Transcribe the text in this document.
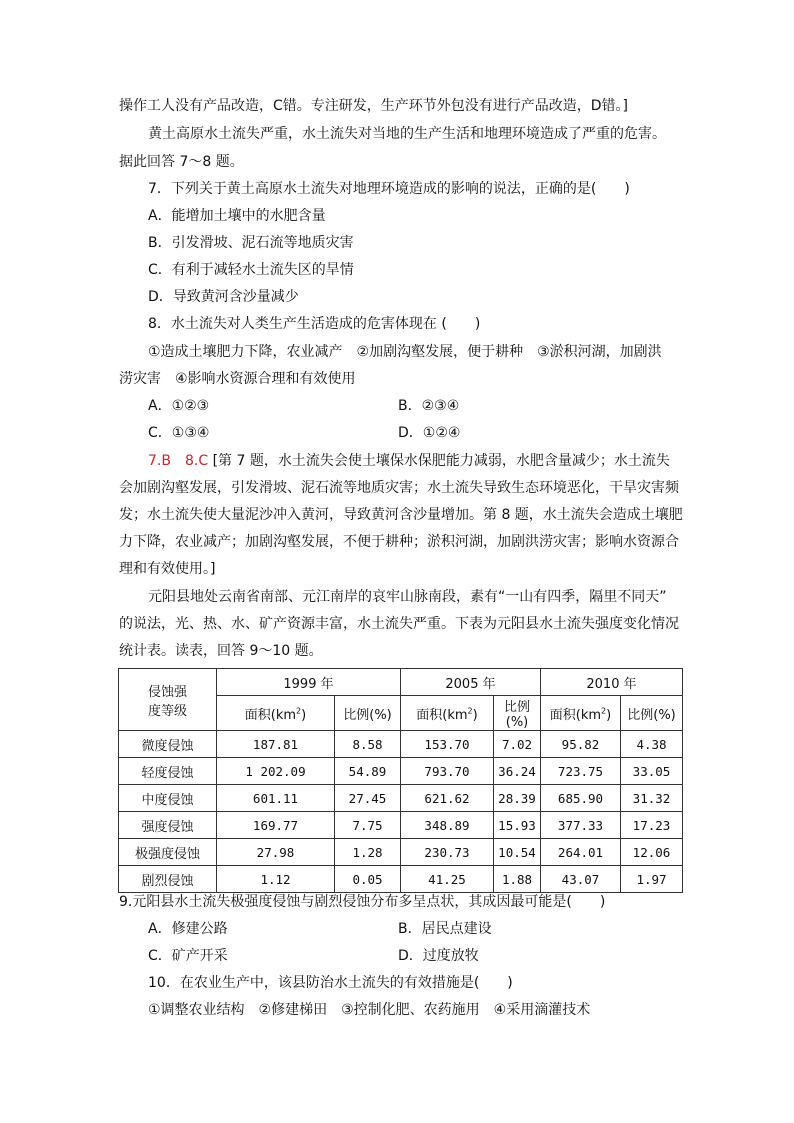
操作工人没有产品改造，C错。专注研发，生产环节外包没有进行产品改造，D错。]
黄土高原水土流失严重，水土流失对当地的生产生活和地理环境造成了严重的危害。
据此回答 7～8 题。
7．下列关于黄土高原水土流失对地理环境造成的影响的说法，正确的是(　　)
A．能增加土壤中的水肥含量
B．引发滑坡、泥石流等地质灾害
C．有利于减轻水土流失区的旱情
D．导致黄河含沙量减少
8．水土流失对人类生产生活造成的危害体现在 (　　)
①造成土壤肥力下降，农业减产　②加剧沟壑发展，便于耕种　③淤积河湖，加剧洪
涝灾害　④影响水资源合理和有效使用
A．①②③	B．②③④
C．①③④	D．①②④
7.B　8.C [第 7 题，水土流失会使土壤保水保肥能力减弱，水肥含量减少；水土流失
会加剧沟壑发展，引发滑坡、泥石流等地质灾害；水土流失导致生态环境恶化，干旱灾害频
发；水土流失使大量泥沙冲入黄河，导致黄河含沙量增加。第 8 题，水土流失会造成土壤肥
力下降，农业减产；加剧沟壑发展，不便于耕种；淤积河湖，加剧洪涝灾害；影响水资源合
理和有效使用。]
元阳县地处云南省南部、元江南岸的哀牢山脉南段，素有“一山有四季，隔里不同天”
的说法，光、热、水、矿产资源丰富，水土流失严重。下表为元阳县水土流失强度变化情况
统计表。读表，回答 9～10 题。
侵蚀强
度等级	1999 年		2005 年		2010 年	
	面积$(km^2)$	比例(%)	面积$(km^2)$	比例(%)	面积$(km^2)$	比例(%)
微度侵蚀	187.81	8.58	153.70	7.02	95.82	4.38
轻度侵蚀	1 202.09	54.89	793.70	36.24	723.75	33.05
中度侵蚀	601.11	27.45	621.62	28.39	685.90	31.32
强度侵蚀	169.77	7.75	348.89	15.93	377.33	17.23
极强度侵蚀	27.98	1.28	230.73	10.54	264.01	12.06
剧烈侵蚀	1.12	0.05	41.25	1.88	43.07	1.97
9.元阳县水土流失极强度侵蚀与剧烈侵蚀分布多呈点状，其成因最可能是(　　)
A．修建公路	B．居民点建设
C．矿产开采	D．过度放牧
10．在农业生产中，该县防治水土流失的有效措施是(　　)
①调整农业结构　②修建梯田　③控制化肥、农药施用　④采用滴灌技术
